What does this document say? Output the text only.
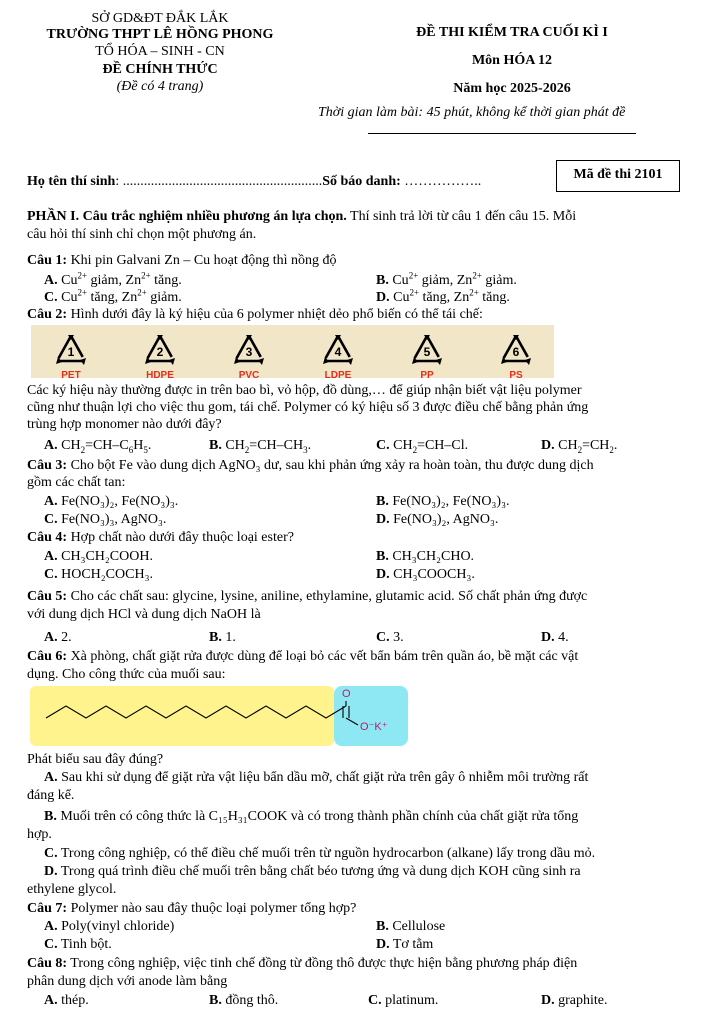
SỞ GD&ĐT ĐẮK LẮK
TRƯỜNG THPT LÊ HỒNG PHONG
TỔ HÓA – SINH - CN
ĐỀ CHÍNH THỨC
(Đề có 4 trang)
ĐỀ THI KIỂM TRA CUỐI KÌ I
Môn HÓA 12
Năm học 2025-2026
Thời gian làm bài: 45 phút, không kể thời gian phát đề
Họ tên thí sinh: .........................................................Số báo danh: ……………..	Mã đề thi 2101
PHẦN I. Câu trắc nghiệm nhiều phương án lựa chọn. Thí sinh trả lời từ câu 1 đến câu 15. Mỗi
câu hỏi thí sinh chỉ chọn một phương án.
Câu 1: Khi pin Galvani Zn – Cu hoạt động thì nồng độ
A. $Cu^{2+}$ giảm, $Zn^{2+}$ tăng.	B. $Cu^{2+}$ giảm, $Zn^{2+}$ giảm.
C. $Cu^{2+}$ tăng, $Zn^{2+}$ giảm.	D. $Cu^{2+}$ tăng, $Zn^{2+}$ tăng.
Câu 2: Hình dưới đây là ký hiệu của 6 polymer nhiệt dẻo phổ biến có thể tái chế:
1
PET
2
HDPE
3
PVC
4
LDPE
5
PP
6
PS
Các ký hiệu này thường được in trên bao bì, vỏ hộp, đồ dùng,… để giúp nhận biết vật liệu polymer
cũng như thuận lợi cho việc thu gom, tái chế. Polymer có ký hiệu số 3 được điều chế bằng phản ứng
trùng hợp monomer nào dưới đây?
A. $CH_2=CH-C_6H_5$.	B. $CH_2=CH-CH_3$.	C. $CH_2=CH-Cl$.	D. $CH_2=CH_2$.
Câu 3: Cho bột Fe vào dung dịch AgNO₃ dư, sau khi phản ứng xảy ra hoàn toàn, thu được dung dịch
gồm các chất tan:
A. Fe(NO₃)₂, Fe(NO₃)₃.	B. Fe(NO₃)₂, Fe(NO₃)₃.
C. Fe(NO₃)₃, AgNO₃.	D. Fe(NO₃)₂, AgNO₃.
Câu 4: Hợp chất nào dưới đây thuộc loại ester?
A. CH₃CH₂COOH.	B. CH₃CH₂CHO.
C. HOCH₂COCH₃.	D. CH₃COOCH₃.
Câu 5: Cho các chất sau: glycine, lysine, aniline, ethylamine, glutamic acid. Số chất phản ứng được
với dung dịch HCl và dung dịch NaOH là
A. 2.	B. 1.	C. 3.	D. 4.
Câu 6: Xà phòng, chất giặt rửa được dùng để loại bỏ các vết bẩn bám trên quần áo, bề mặt các vật
dụng. Cho công thức của muối sau:
O
O⁻K⁺
Phát biểu sau đây đúng?
A. Sau khi sử dụng để giặt rửa vật liệu bẩn dầu mỡ, chất giặt rửa trên gây ô nhiễm môi trường rất
đáng kể.
B. Muối trên có công thức là C₁₅H₃₁COOK và có trong thành phần chính của chất giặt rửa tổng
hợp.
C. Trong công nghiệp, có thể điều chế muối trên từ nguồn hydrocarbon (alkane) lấy trong dầu mỏ.
D. Trong quá trình điều chế muối trên bằng chất béo tương ứng và dung dịch KOH cũng sinh ra
ethylene glycol.
Câu 7: Polymer nào sau đây thuộc loại polymer tổng hợp?
A. Poly(vinyl chloride)	B. Cellulose
C. Tinh bột.	D. Tơ tằm
Câu 8: Trong công nghiệp, việc tinh chế đồng từ đồng thô được thực hiện bằng phương pháp điện
phân dung dịch với anode làm bằng
A. thép.	B. đồng thô.	C. platinum.	D. graphite.
